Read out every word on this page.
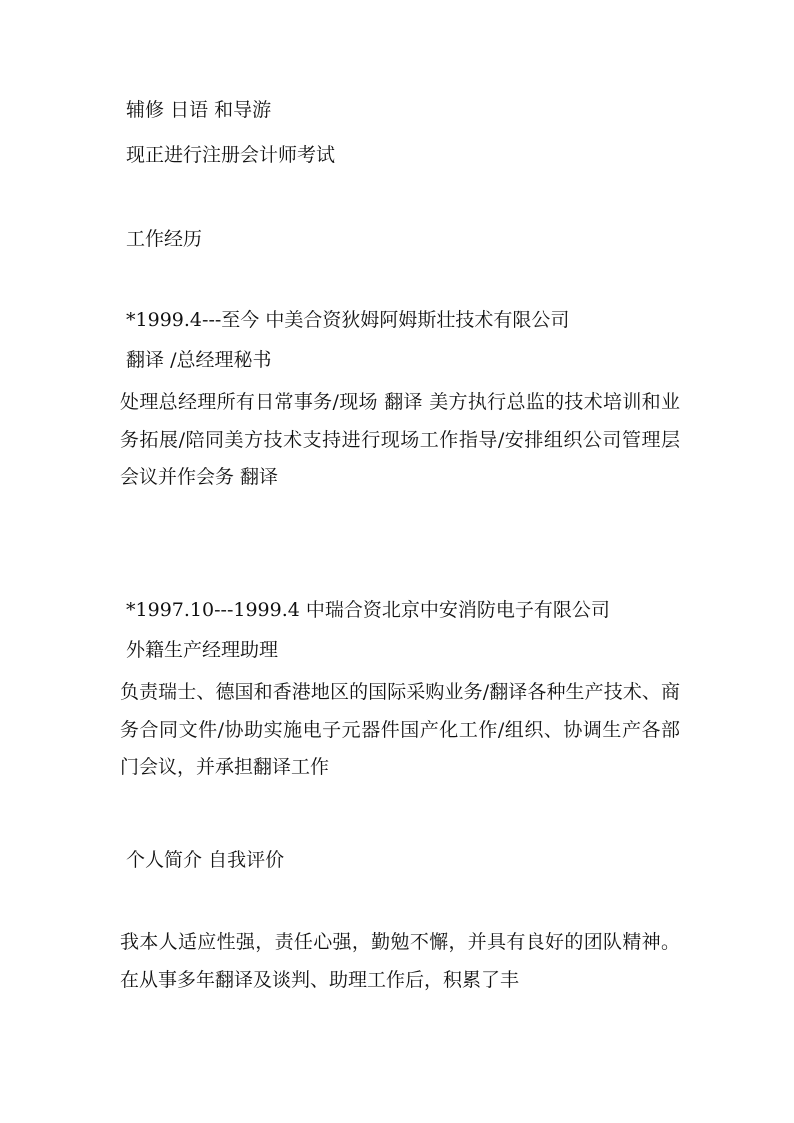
辅修 日语 和导游
现正进行注册会计师考试
工作经历
*1999.4---至今 中美合资狄姆阿姆斯壮技术有限公司
翻译 /总经理秘书
处理总经理所有日常事务/现场 翻译 美方执行总监的技术培训和业务拓展/陪同美方技术支持进行现场工作指导/安排组织公司管理层会议并作会务 翻译
*1997.10---1999.4 中瑞合资北京中安消防电子有限公司
外籍生产经理助理
负责瑞士、德国和香港地区的国际采购业务/翻译各种生产技术、商务合同文件/协助实施电子元器件国产化工作/组织、协调生产各部门会议，并承担翻译工作
个人简介 自我评价
我本人适应性强，责任心强，勤勉不懈，并具有良好的团队精神。在从事多年翻译及谈判、助理工作后，积累了丰
